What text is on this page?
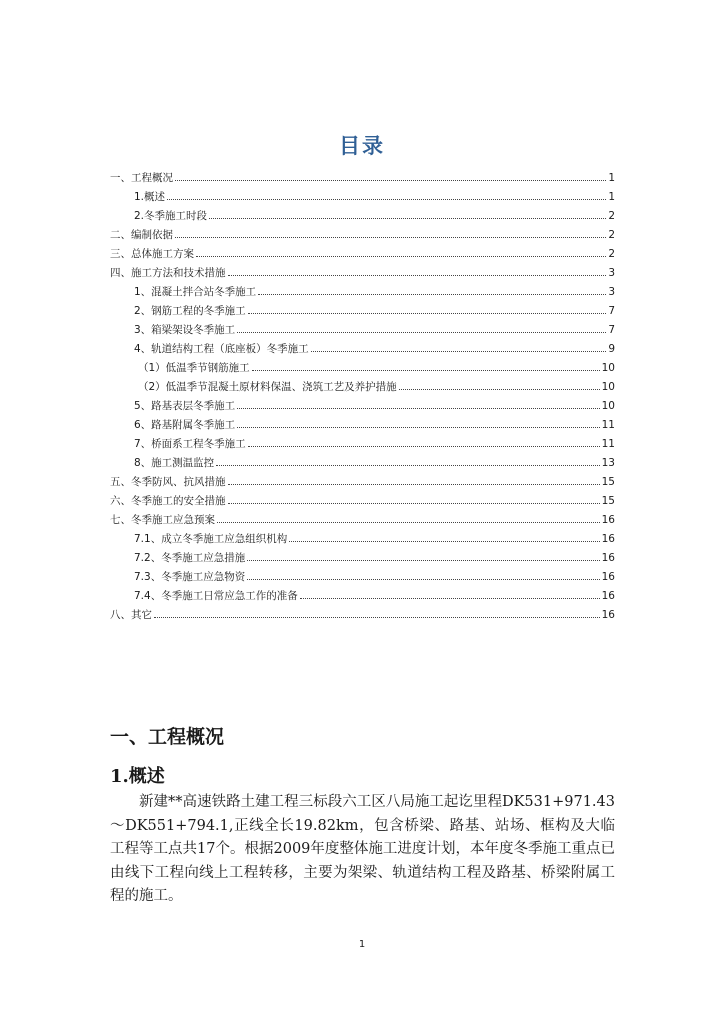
目录
一、工程概况	1
1.概述	1
2.冬季施工时段	2
二、编制依据	2
三、总体施工方案	2
四、施工方法和技术措施	3
1、混凝土拌合站冬季施工	3
2、钢筋工程的冬季施工	7
3、箱梁架设冬季施工	7
4、轨道结构工程（底座板）冬季施工	9
（1）低温季节钢筋施工	10
（2）低温季节混凝土原材料保温、浇筑工艺及养护措施	10
5、路基表层冬季施工	10
6、路基附属冬季施工	11
7、桥面系工程冬季施工	11
8、施工测温监控	13
五、冬季防风、抗风措施	15
六、冬季施工的安全措施	15
七、冬季施工应急预案	16
7.1、成立冬季施工应急组织机构	16
7.2、冬季施工应急措施	16
7.3、冬季施工应急物资	16
7.4、冬季施工日常应急工作的准备	16
八、其它	16
一、工程概况
1.概述

新建**高速铁路土建工程三标段六工区八局施工起讫里程DK531+971.43～DK551+794.1,正线全长19.82km，包含桥梁、路基、站场、框构及大临工程等工点共17个。根据2009年度整体施工进度计划，本年度冬季施工重点已由线下工程向线上工程转移，主要为架梁、轨道结构工程及路基、桥梁附属工程的施工。

1
